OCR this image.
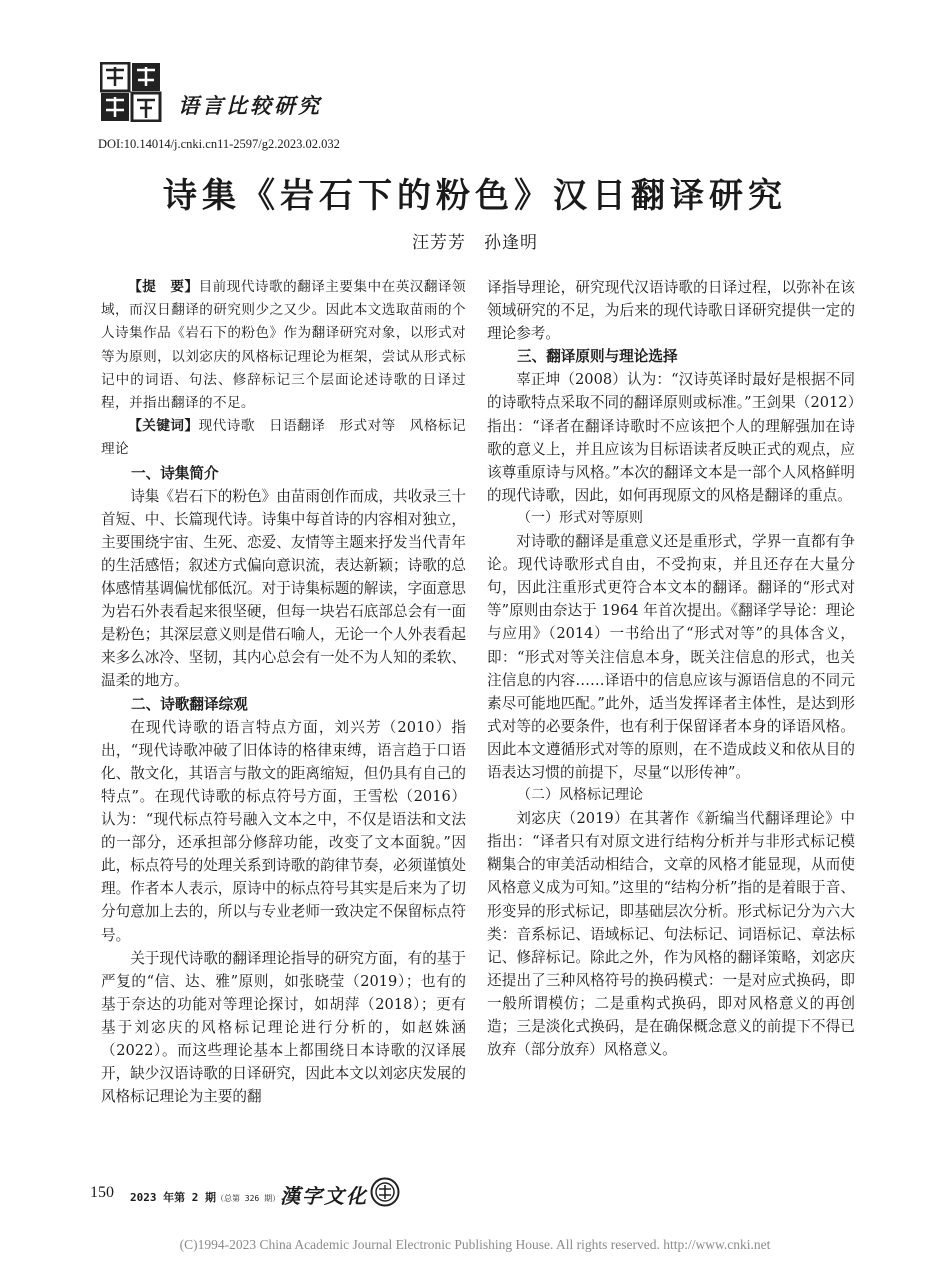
语言比较研究
DOI:10.14014/j.cnki.cn11-2597/g2.2023.02.032
诗集《岩石下的粉色》汉日翻译研究
汪芳芳　孙逢明

【提　要】目前现代诗歌的翻译主要集中在英汉翻译领域，而汉日翻译的研究则少之又少。因此本文选取苗雨的个人诗集作品《岩石下的粉色》作为翻译研究对象，以形式对等为原则，以刘宓庆的风格标记理论为框架，尝试从形式标记中的词语、句法、修辞标记三个层面论述诗歌的日译过程，并指出翻译的不足。

【关键词】现代诗歌　日语翻译　形式对等　风格标记理论

一、诗集简介

诗集《岩石下的粉色》由苗雨创作而成，共收录三十首短、中、长篇现代诗。诗集中每首诗的内容相对独立，主要围绕宇宙、生死、恋爱、友情等主题来抒发当代青年的生活感悟；叙述方式偏向意识流，表达新颖；诗歌的总体感情基调偏忧郁低沉。对于诗集标题的解读，字面意思为岩石外表看起来很坚硬，但每一块岩石底部总会有一面是粉色；其深层意义则是借石喻人，无论一个人外表看起来多么冰冷、坚韧，其内心总会有一处不为人知的柔软、温柔的地方。

二、诗歌翻译综观

在现代诗歌的语言特点方面，刘兴芳（2010）指出，“现代诗歌冲破了旧体诗的格律束缚，语言趋于口语化、散文化，其语言与散文的距离缩短，但仍具有自己的特点”。在现代诗歌的标点符号方面，王雪松（2016）认为：“现代标点符号融入文本之中，不仅是语法和文法的一部分，还承担部分修辞功能，改变了文本面貌。”因此，标点符号的处理关系到诗歌的韵律节奏，必须谨慎处理。作者本人表示，原诗中的标点符号其实是后来为了切分句意加上去的，所以与专业老师一致决定不保留标点符号。

关于现代诗歌的翻译理论指导的研究方面，有的基于严复的“信、达、雅”原则，如张晓莹（2019）；也有的基于奈达的功能对等理论探讨，如胡萍（2018）；更有基于刘宓庆的风格标记理论进行分析的，如赵姝涵（2022）。而这些理论基本上都围绕日本诗歌的汉译展开，缺少汉语诗歌的日译研究，因此本文以刘宓庆发展的风格标记理论为主要的翻

译指导理论，研究现代汉语诗歌的日译过程，以弥补在该领域研究的不足，为后来的现代诗歌日译研究提供一定的理论参考。

三、翻译原则与理论选择

辜正坤（2008）认为：“汉诗英译时最好是根据不同的诗歌特点采取不同的翻译原则或标准。”王剑果（2012）指出：“译者在翻译诗歌时不应该把个人的理解强加在诗歌的意义上，并且应该为目标语读者反映正式的观点，应该尊重原诗与风格。”本次的翻译文本是一部个人风格鲜明的现代诗歌，因此，如何再现原文的风格是翻译的重点。

（一）形式对等原则

对诗歌的翻译是重意义还是重形式，学界一直都有争论。现代诗歌形式自由，不受拘束，并且还存在大量分句，因此注重形式更符合本文本的翻译。翻译的“形式对等”原则由奈达于 1964 年首次提出。《翻译学导论：理论与应用》（2014）一书给出了“形式对等”的具体含义，即：“形式对等关注信息本身，既关注信息的形式，也关注信息的内容……译语中的信息应该与源语信息的不同元素尽可能地匹配。”此外，适当发挥译者主体性，是达到形式对等的必要条件，也有利于保留译者本身的译语风格。因此本文遵循形式对等的原则，在不造成歧义和依从目的语表达习惯的前提下，尽量“以形传神”。

（二）风格标记理论

刘宓庆（2019）在其著作《新编当代翻译理论》中指出：“译者只有对原文进行结构分析并与非形式标记模糊集合的审美活动相结合，文章的风格才能显现，从而使风格意义成为可知。”这里的“结构分析”指的是着眼于音、形变异的形式标记，即基础层次分析。形式标记分为六大类：音系标记、语域标记、句法标记、词语标记、章法标记、修辞标记。除此之外，作为风格的翻译策略，刘宓庆还提出了三种风格符号的换码模式：一是对应式换码，即一般所谓模仿；二是重构式换码，即对风格意义的再创造；三是淡化式换码，是在确保概念意义的前提下不得已放弃（部分放弃）风格意义。

150 2023 年第 2 期（总第 326 期） 漢字文化
(C)1994-2023 China Academic Journal Electronic Publishing House. All rights reserved. http://www.cnki.net
